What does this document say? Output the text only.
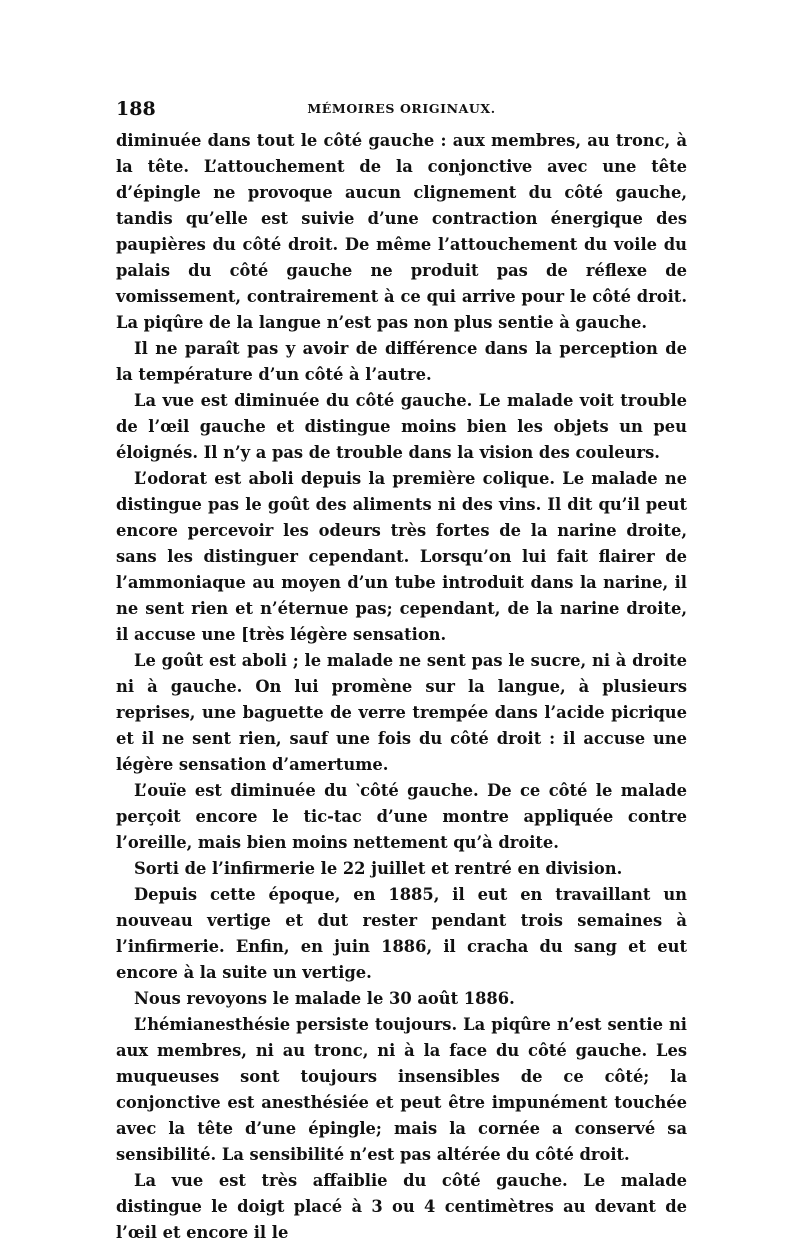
188	MÉMOIRES ORIGINAUX.

diminuée dans tout le côté gauche : aux membres, au tronc, à la tête. L’attouchement de la conjonctive avec une tête d’épingle ne provoque aucun clignement du côté gauche, tandis qu’elle est suivie d’une contraction énergique des paupières du côté droit. De même l’attouchement du voile du palais du côté gauche ne produit pas de réflexe de vomissement, contrairement à ce qui arrive pour le côté droit. La piqûre de la langue n’est pas non plus sentie à gauche.

Il ne paraît pas y avoir de différence dans la perception de la température d’un côté à l’autre.

La vue est diminuée du côté gauche. Le malade voit trouble de l’œil gauche et distingue moins bien les objets un peu éloignés. Il n’y a pas de trouble dans la vision des couleurs.

L’odorat est aboli depuis la première colique. Le malade ne distingue pas le goût des aliments ni des vins. Il dit qu’il peut encore percevoir les odeurs très fortes de la narine droite, sans les distinguer cependant. Lorsqu’on lui fait flairer de l’ammoniaque au moyen d’un tube introduit dans la narine, il ne sent rien et n’éternue pas; cependant, de la narine droite, il accuse une [très légère sensation.

Le goût est aboli ; le malade ne sent pas le sucre, ni à droite ni à gauche. On lui promène sur la langue, à plusieurs reprises, une baguette de verre trempée dans l’acide picrique et il ne sent rien, sauf une fois du côté droit : il accuse une légère sensation d’amertume.

L’ouïe est diminuée du ‵côté gauche. De ce côté le malade perçoit encore le tic-tac d’une montre appliquée contre l’oreille, mais bien moins nettement qu’à droite.

Sorti de l’infirmerie le 22 juillet et rentré en division.

Depuis cette époque, en 1885, il eut en travaillant un nouveau vertige et dut rester pendant trois semaines à l’infirmerie. Enfin, en juin 1886, il cracha du sang et eut encore à la suite un vertige.

Nous revoyons le malade le 30 août 1886.

L’hémianesthésie persiste toujours. La piqûre n’est sentie ni aux membres, ni au tronc, ni à la face du côté gauche. Les muqueuses sont toujours insensibles de ce côté; la conjonctive est anesthésiée et peut être impunément touchée avec la tête d’une épingle; mais la cornée a conservé sa sensibilité. La sensibilité n’est pas altérée du côté droit.

La vue est très affaiblie du côté gauche. Le malade distingue le doigt placé à 3 ou 4 centimètres au devant de l’œil et encore il le
